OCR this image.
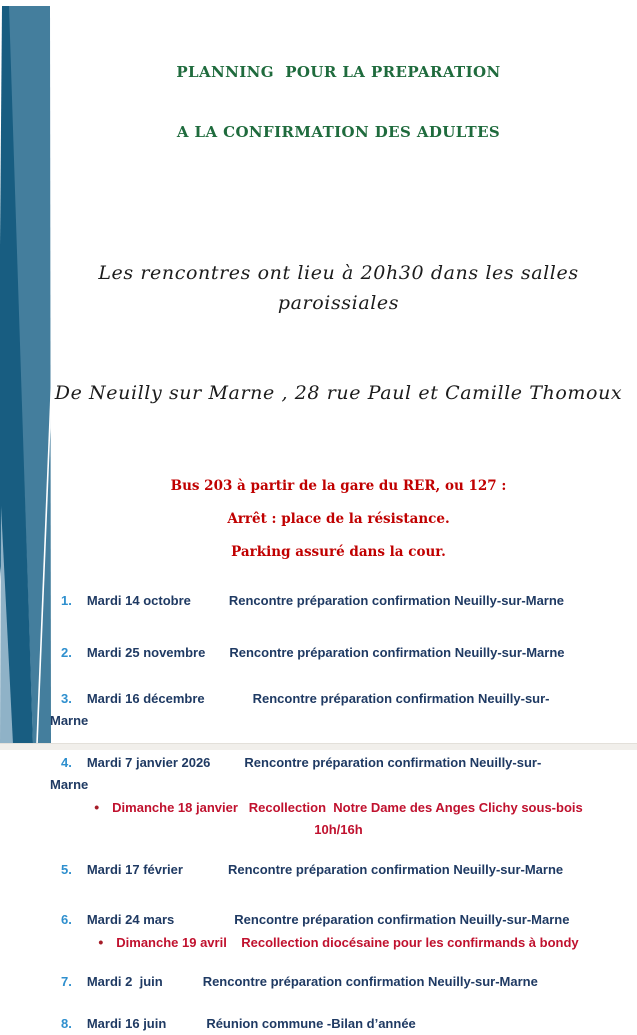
PLANNING  POUR LA PREPARATION

A LA CONFIRMATION DES ADULTES

Les rencontres ont lieu à 20h30 dans les salles paroissiales

De Neuilly sur Marne , 28 rue Paul et Camille Thomoux

Bus 203 à partir de la gare du RER, ou 127 :

Arrêt : place de la résistance.

Parking assuré dans la cour.

1. Mardi 14 octobre	Rencontre préparation confirmation Neuilly-sur-Marne

2. Mardi 25 novembre Rencontre préparation confirmation Neuilly-sur-Marne

3. Mardi 16 décembre	Rencontre préparation confirmation Neuilly-sur-
Marne

4. Mardi 7 janvier 2026	Rencontre préparation confirmation Neuilly-sur-
Marne

• Dimanche 18 janvier   Recollection  Notre Dame des Anges Clichy sous-bois
10h/16h

5. Mardi 17 février	Rencontre préparation confirmation Neuilly-sur-Marne

6. Mardi 24 mars	Rencontre préparation confirmation Neuilly-sur-Marne

• Dimanche 19 avril    Recollection diocésaine pour les confirmands à bondy

7. Mardi 2  juin	Rencontre préparation confirmation Neuilly-sur-Marne

8. Mardi 16 juin	Réunion commune -Bilan d’année
